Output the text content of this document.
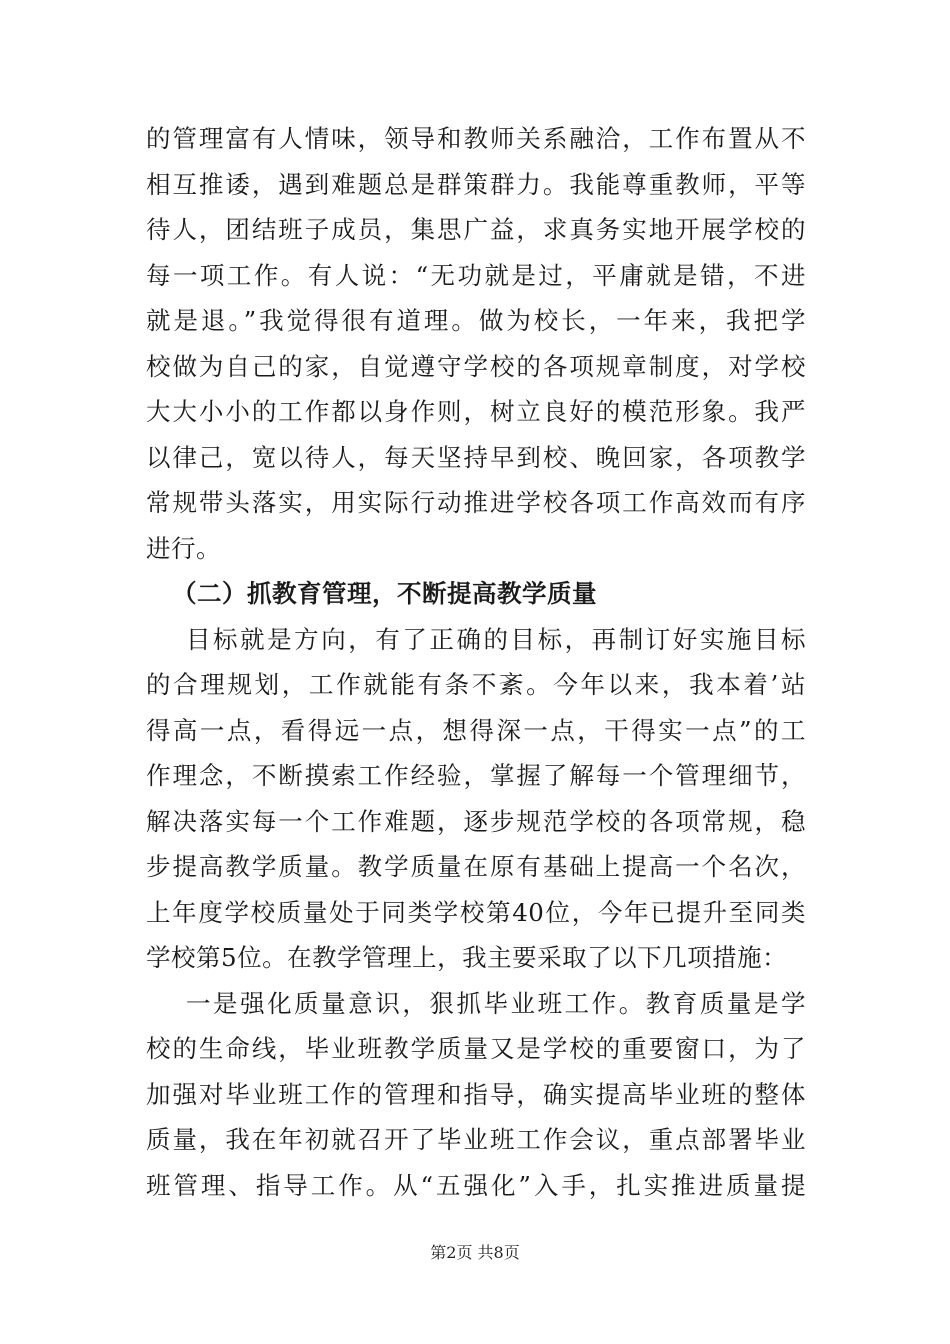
的管理富有人情味，领导和教师关系融洽，工作布置从不
相互推诿，遇到难题总是群策群力。我能尊重教师，平等
待人，团结班子成员，集思广益，求真务实地开展学校的
每一项工作。有人说：“无功就是过，平庸就是错，不进
就是退。”我觉得很有道理。做为校长，一年来，我把学
校做为自己的家，自觉遵守学校的各项规章制度，对学校
大大小小的工作都以身作则，树立良好的模范形象。我严
以律己，宽以待人，每天坚持早到校、晚回家，各项教学
常规带头落实，用实际行动推进学校各项工作高效而有序
进行。
（二）抓教育管理，不断提高教学质量
目标就是方向，有了正确的目标，再制订好实施目标
的合理规划，工作就能有条不紊。今年以来，我本着’站
得高一点，看得远一点，想得深一点，干得实一点”的工
作理念，不断摸索工作经验，掌握了解每一个管理细节，
解决落实每一个工作难题，逐步规范学校的各项常规，稳
步提高教学质量。教学质量在原有基础上提高一个名次，
上年度学校质量处于同类学校第40位，今年已提升至同类
学校第5位。在教学管理上，我主要采取了以下几项措施：
一是强化质量意识，狠抓毕业班工作。教育质量是学
校的生命线，毕业班教学质量又是学校的重要窗口，为了
加强对毕业班工作的管理和指导，确实提高毕业班的整体
质量，我在年初就召开了毕业班工作会议，重点部署毕业
班管理、指导工作。从“五强化”入手，扎实推进质量提
第2页 共8页
